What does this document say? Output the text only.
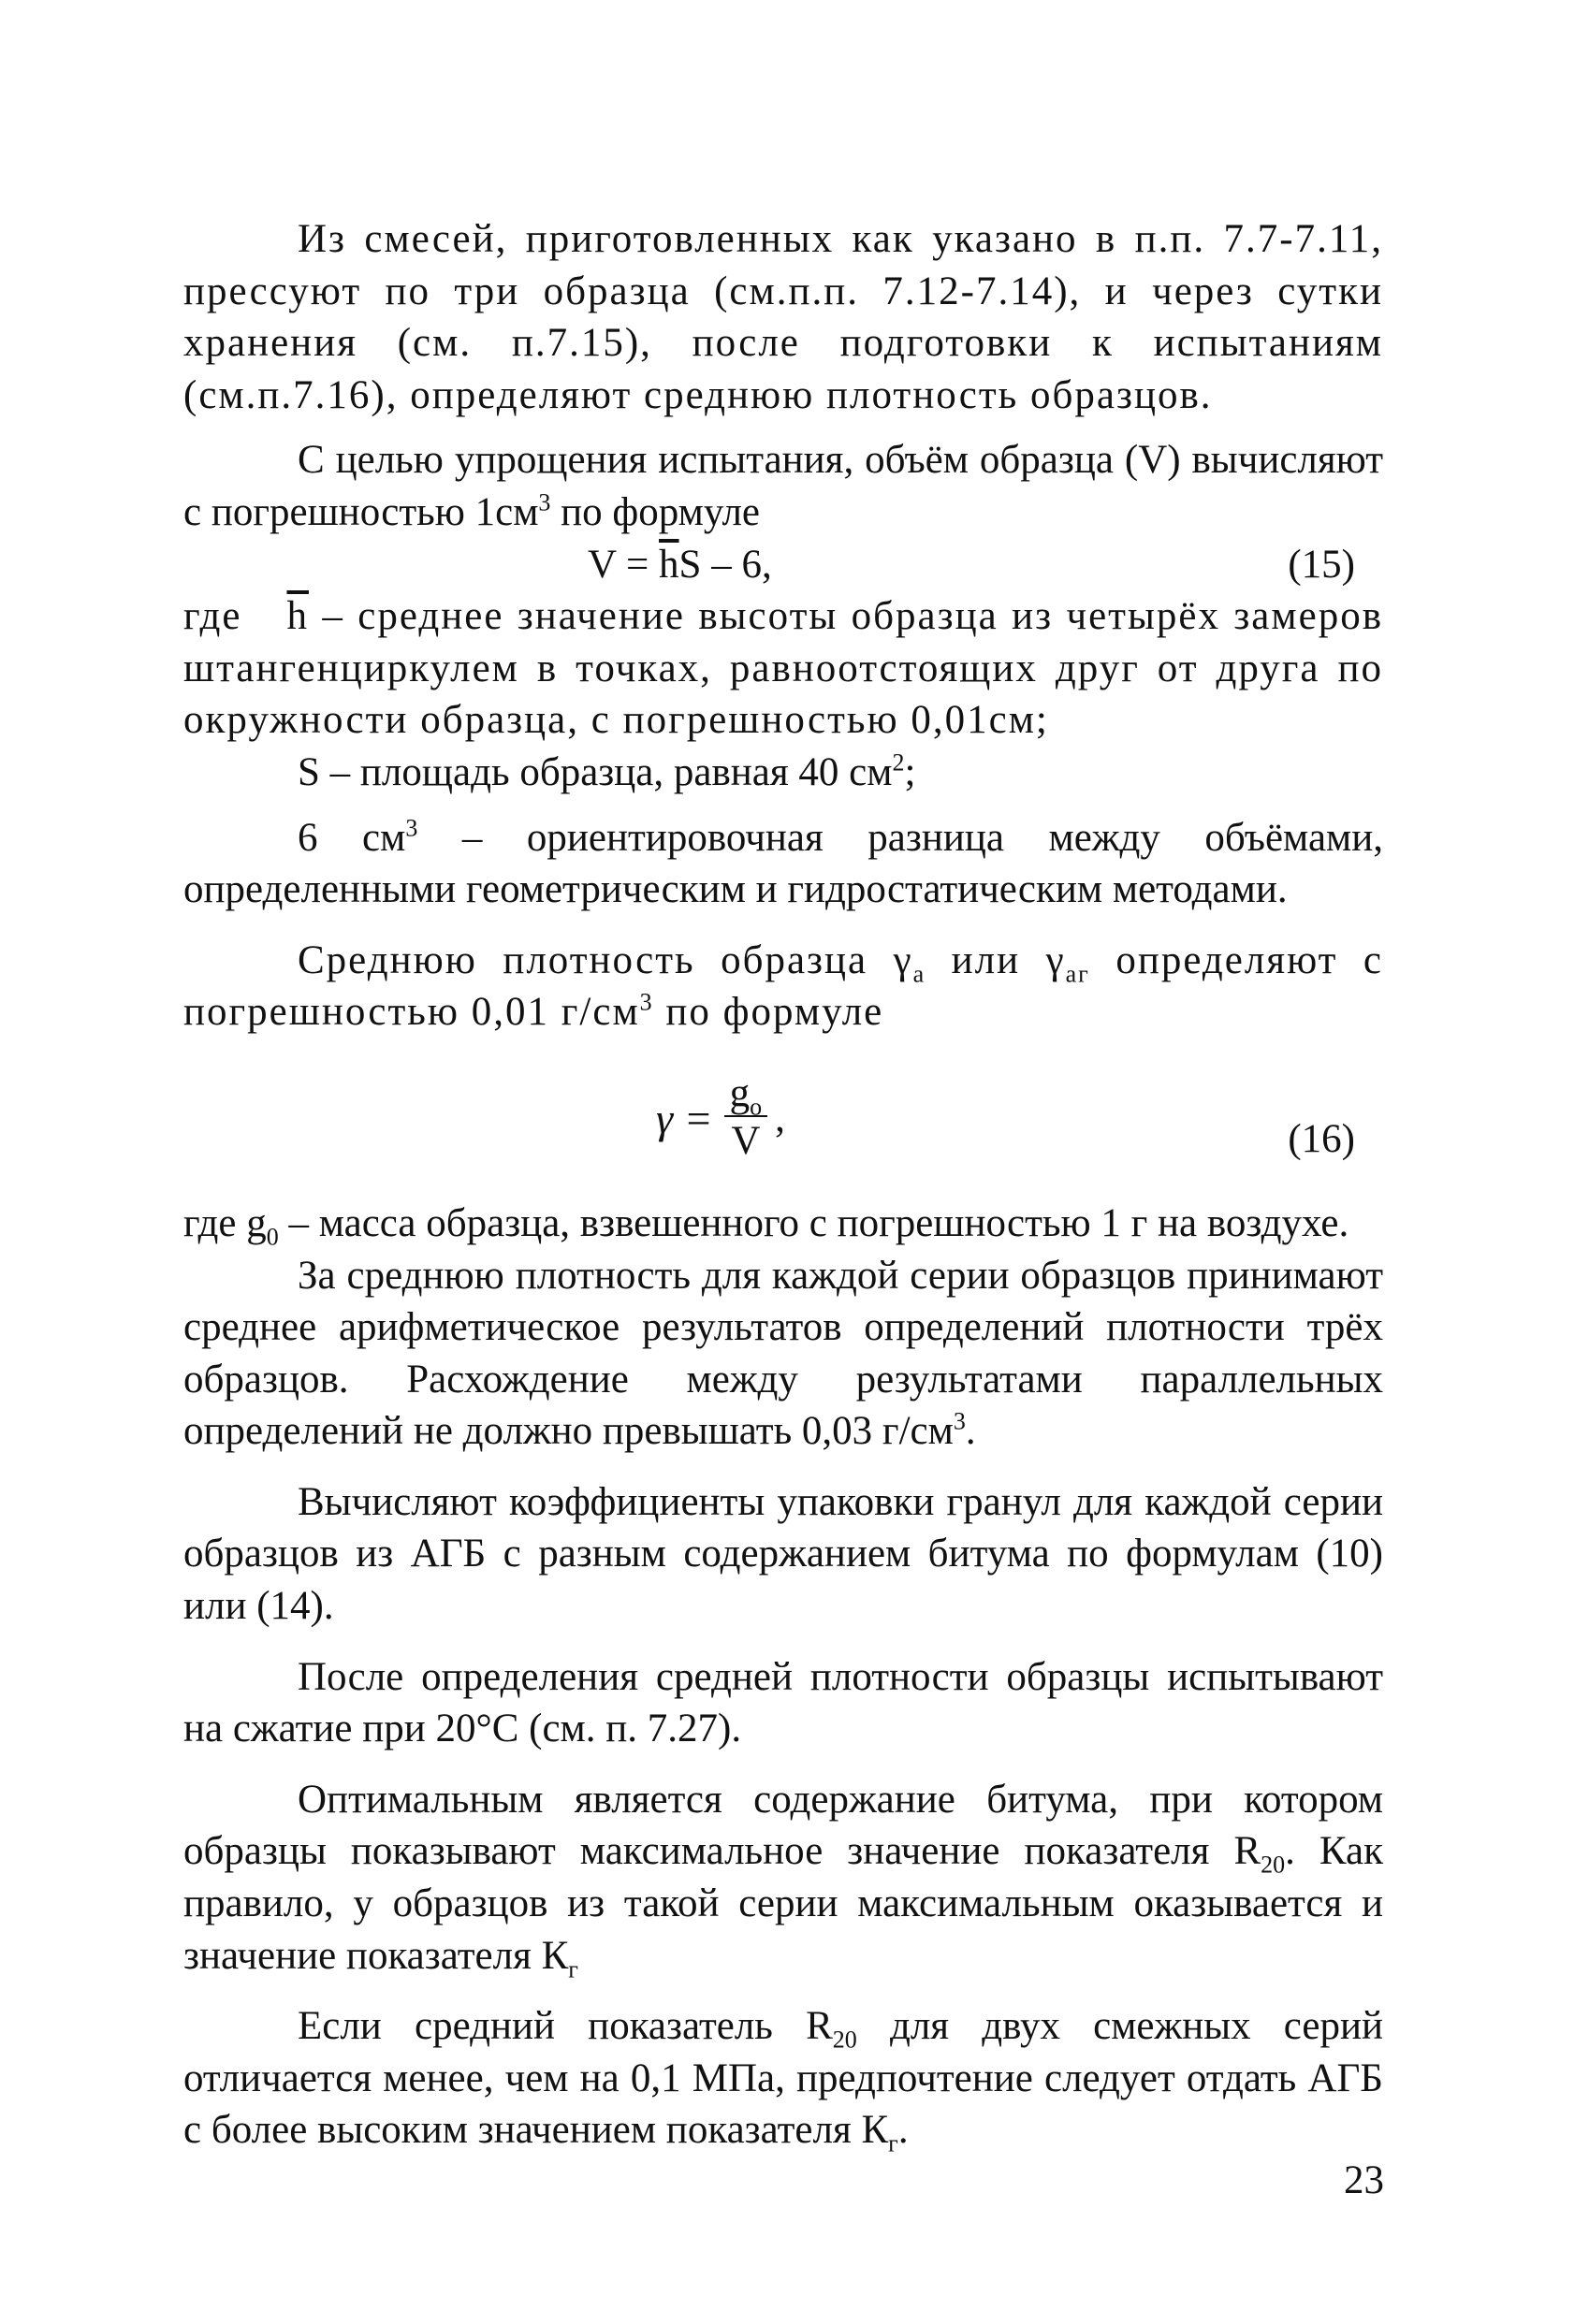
Из смесей, приготовленных как указано в п.п. 7.7-7.11, прессуют по три образца (см.п.п. 7.12-7.14), и через сутки хранения (см. п.7.15), после подготовки к испытаниям (см.п.7.16), определяют среднюю плотность образцов.

С целью упрощения испытания, объём образца (V) вычисляют с погрешностью $1см^3$ по формуле

$V = \overline{h}S - 6$,	(15)

где $\overline{h}$ – среднее значение высоты образца из четырёх замеров штангенциркулем в точках, равноотстоящих друг от друга по окружности образца, с погрешностью 0,01см;

S – площадь образца, равная 40 $см^2$;

6 $см^3$ – ориентировочная разница между объёмами, определенными геометрическим и гидростатическим методами.

Среднюю плотность образца $\gamma_а$ или $\gamma_{аг}$ определяют с погрешностью 0,01 $г/см^3$ по формуле

$\gamma = \frac{g_o}{V}$ ,	(16)

где $g_0$ – масса образца, взвешенного с погрешностью 1 г на воздухе.

За среднюю плотность для каждой серии образцов принимают среднее арифметическое результатов определений плотности трёх образцов. Расхождение между результатами параллельных определений не должно превышать 0,03 $г/см^3$.

Вычисляют коэффициенты упаковки гранул для каждой серии образцов из АГБ с разным содержанием битума по формулам (10) или (14).

После определения средней плотности образцы испытывают на сжатие при 20°С (см. п. 7.27).

Оптимальным является содержание битума, при котором образцы показывают максимальное значение показателя $R_{20}$. Как правило, у образцов из такой серии максимальным оказывается и значение показателя $К_г$

Если средний показатель $R_{20}$ для двух смежных серий отличается менее, чем на 0,1 МПа, предпочтение следует отдать АГБ с более высоким значением показателя $К_г$.

23
